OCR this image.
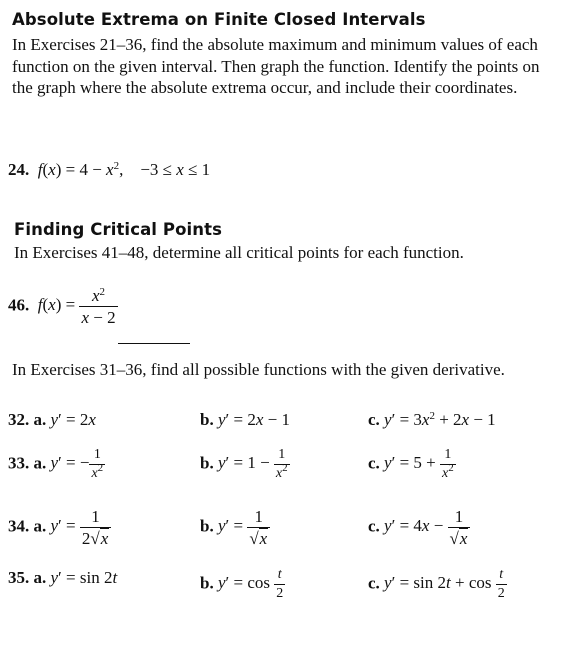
Absolute Extrema on Finite Closed Intervals
In Exercises 21–36, find the absolute maximum and minimum values of each function on the given interval. Then graph the function. Identify the points on the graph where the absolute extrema occur, and include their coordinates.
24. $f(x) = 4 - x^2$,    −3 ≤ x ≤ 1
Finding Critical Points
In Exercises 41–48, determine all critical points for each function.
46. $f(x) = \frac{x^2}{x - 2}$
In Exercises 31–36, find all possible functions with the given derivative.
32. a. y′ = 2x	b. y′ = 2x − 1	c. $y' = 3x^2 + 2x - 1$
33. a. y′ = − $\frac{1}{x^2}$	b. $y' = 1 - \frac{1}{x^2}$	c. $y' = 5 + \frac{1}{x^2}$
34. a. $y' = \frac{1}{2√x}$	b. $y' = \frac{1}{√x}$	c. $y' = 4x - \frac{1}{√x}$
35. a. y′ = sin 2t	b. $y' = \cos \frac{t}{2}$	c. $y' = \sin 2t + \cos \frac{t}{2}$
